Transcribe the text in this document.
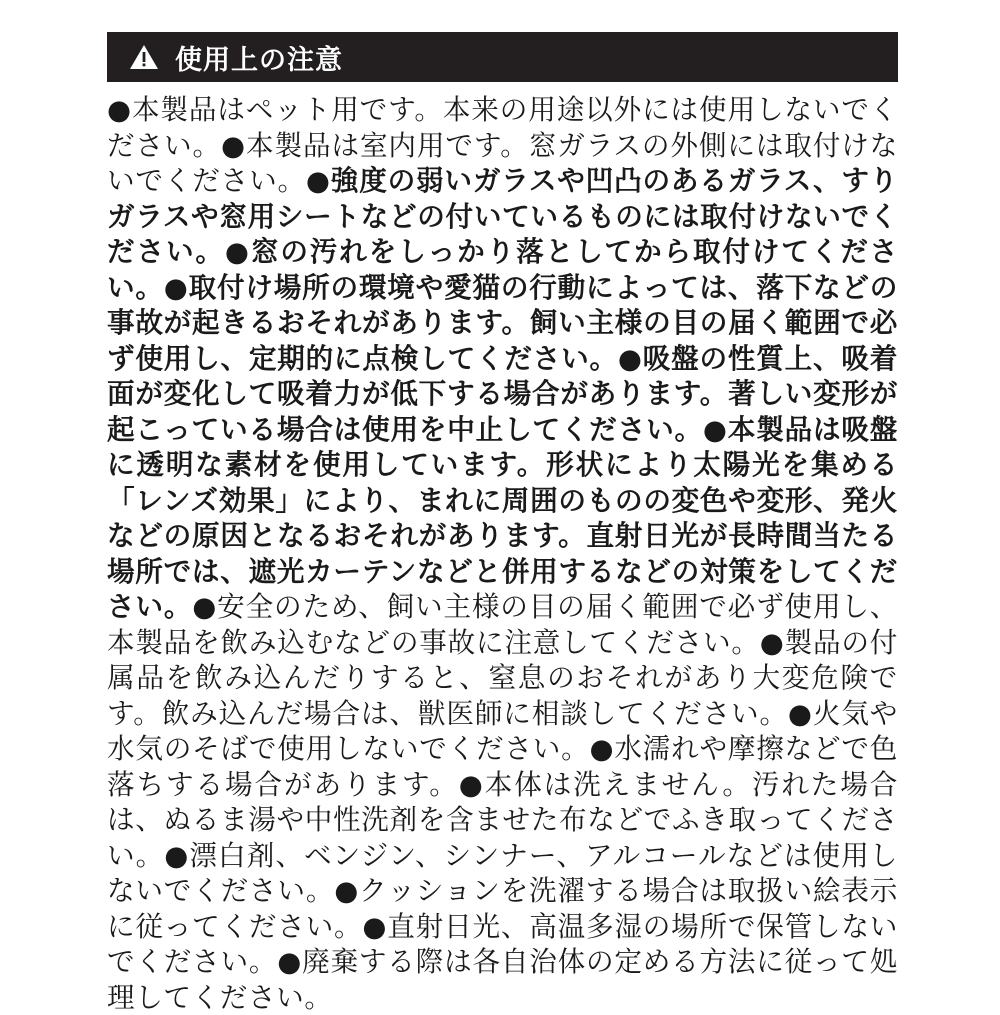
使用上の注意

●本製品はペット用です。本来の用途以外には使用しないでください。●本製品は室内用です。窓ガラスの外側には取付けないでください。●強度の弱いガラスや凹凸のあるガラス、すりガラスや窓用シートなどの付いているものには取付けないでください。●窓の汚れをしっかり落としてから取付けてください。●取付け場所の環境や愛猫の行動によっては、落下などの事故が起きるおそれがあります。飼い主様の目の届く範囲で必ず使用し、定期的に点検してください。●吸盤の性質上、吸着面が変化して吸着力が低下する場合があります。著しい変形が起こっている場合は使用を中止してください。●本製品は吸盤に透明な素材を使用しています。形状により太陽光を集める「レンズ効果」により、まれに周囲のものの変色や変形、発火などの原因となるおそれがあります。直射日光が長時間当たる場所では、遮光カーテンなどと併用するなどの対策をしてください。●安全のため、飼い主様の目の届く範囲で必ず使用し、本製品を飲み込むなどの事故に注意してください。●製品の付属品を飲み込んだりすると、窒息のおそれがあり大変危険です。飲み込んだ場合は、獣医師に相談してください。●火気や水気のそばで使用しないでください。●水濡れや摩擦などで色落ちする場合があります。●本体は洗えません。汚れた場合は、ぬるま湯や中性洗剤を含ませた布などでふき取ってください。●漂白剤、ベンジン、シンナー、アルコールなどは使用しないでください。●クッションを洗濯する場合は取扱い絵表示に従ってください。●直射日光、高温多湿の場所で保管しないでください。●廃棄する際は各自治体の定める方法に従って処理してください。
